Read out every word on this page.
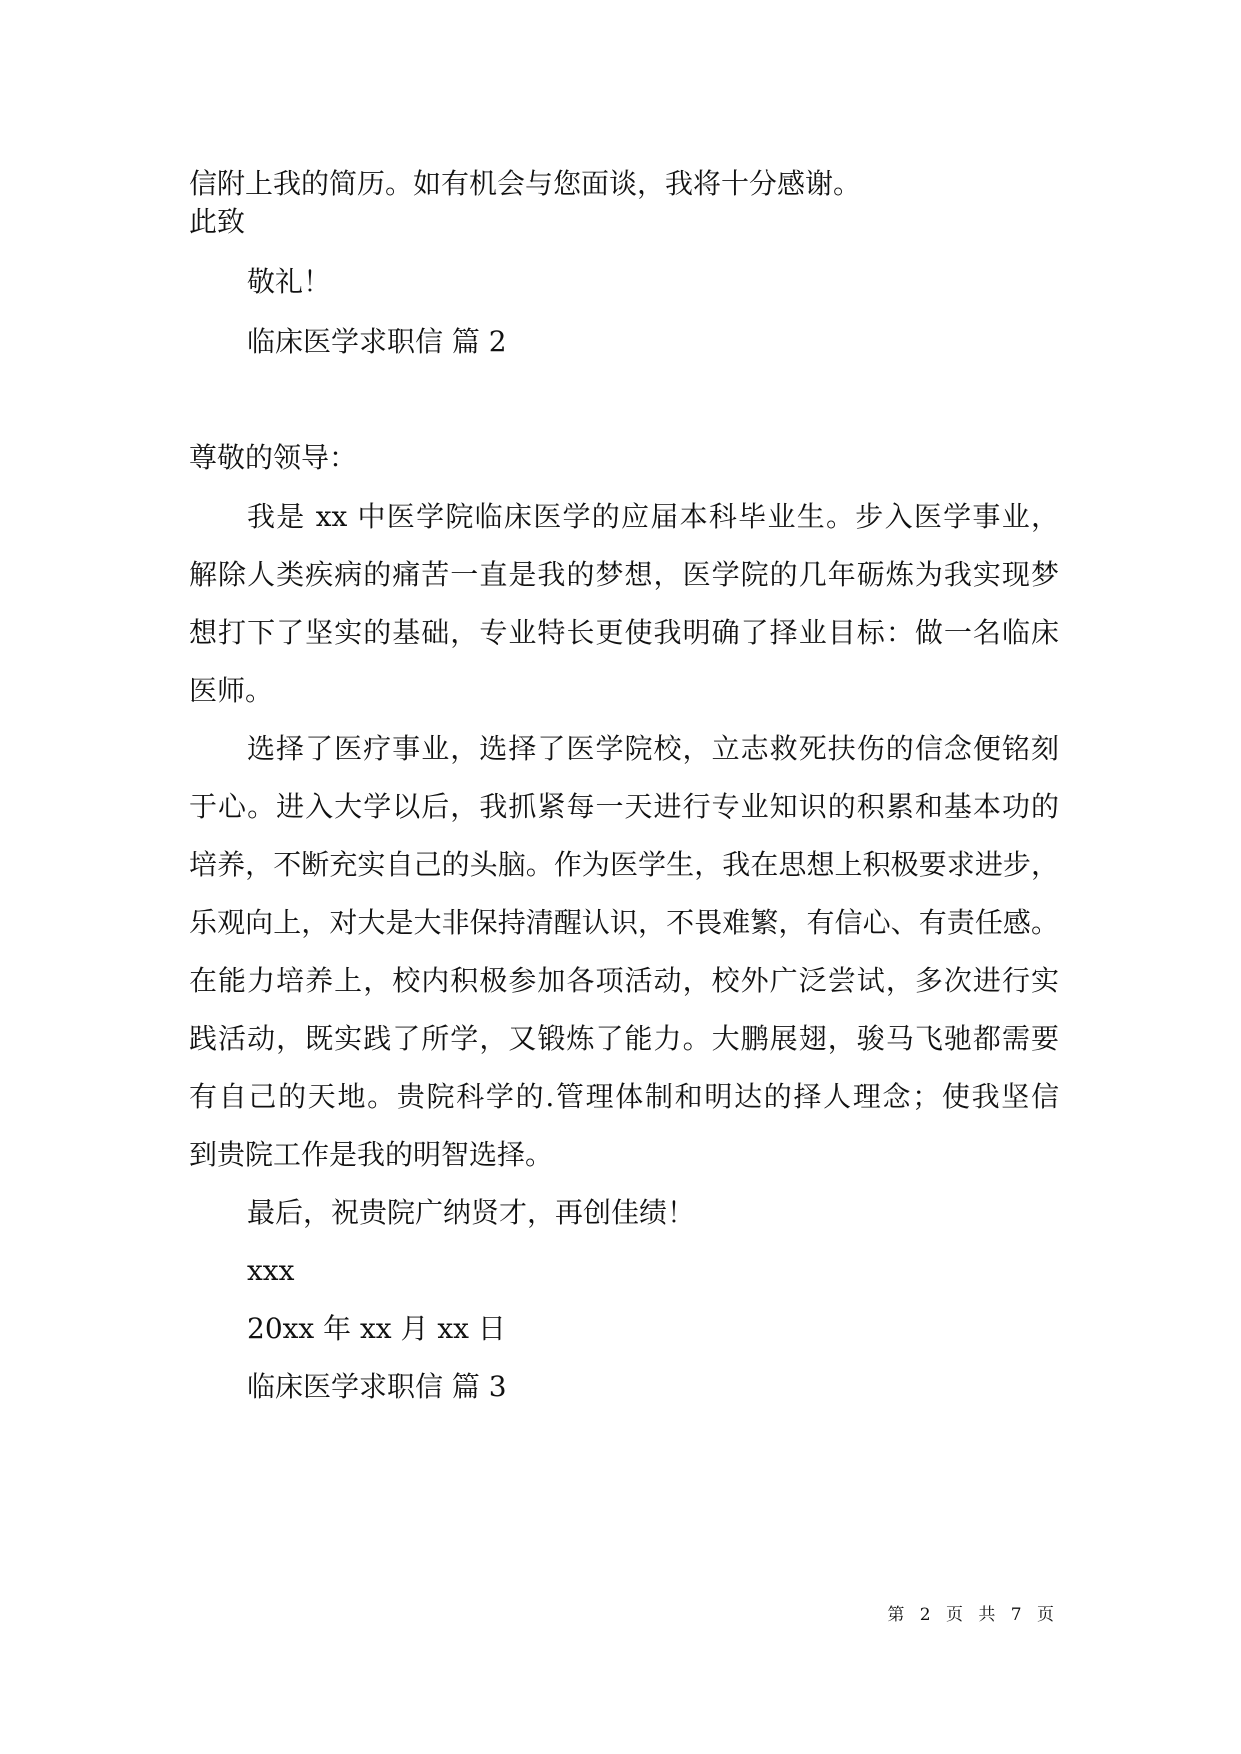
信附上我的简历。如有机会与您面谈，我将十分感谢。
此致
敬礼！
临床医学求职信 篇 2
尊敬的领导：
我是 xx 中医学院临床医学的应届本科毕业生。步入医学事业，
解除人类疾病的痛苦一直是我的梦想，医学院的几年砺炼为我实现梦
想打下了坚实的基础，专业特长更使我明确了择业目标：做一名临床
医师。
选择了医疗事业，选择了医学院校，立志救死扶伤的信念便铭刻
于心。进入大学以后，我抓紧每一天进行专业知识的积累和基本功的
培养，不断充实自己的头脑。作为医学生，我在思想上积极要求进步，
乐观向上，对大是大非保持清醒认识，不畏难繁，有信心、有责任感。
在能力培养上，校内积极参加各项活动，校外广泛尝试，多次进行实
践活动，既实践了所学，又锻炼了能力。大鹏展翅，骏马飞驰都需要
有自己的天地。贵院科学的.管理体制和明达的择人理念；使我坚信
到贵院工作是我的明智选择。
最后，祝贵院广纳贤才，再创佳绩！
xxx
20xx 年 xx 月 xx 日
临床医学求职信 篇 3
第 2 页 共 7 页
